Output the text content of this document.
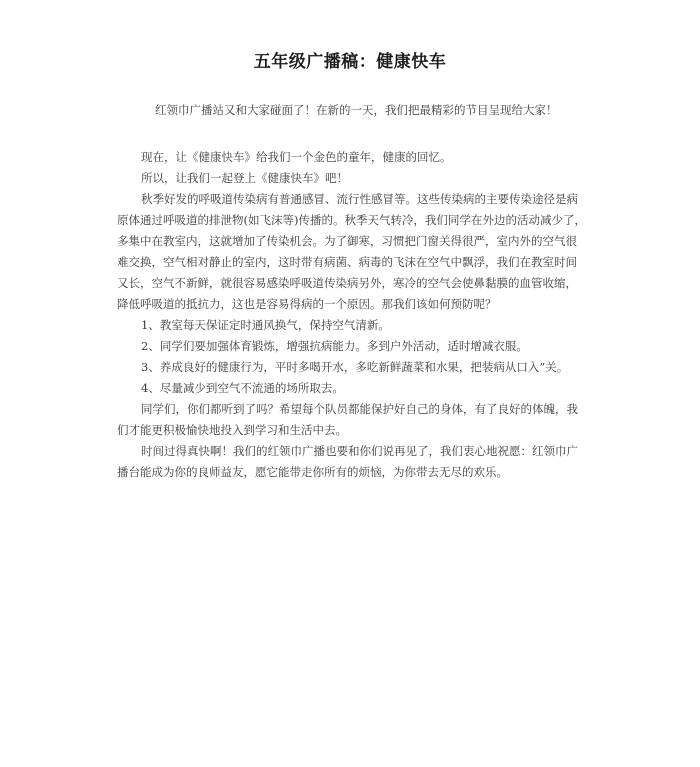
五年级广播稿：健康快车

红领巾广播站又和大家碰面了！在新的一天，我们把最精彩的节目呈现给大家！

现在，让《健康快车》给我们一个金色的童年，健康的回忆。

所以，让我们一起登上《健康快车》吧！

秋季好发的呼吸道传染病有普通感冒、流行性感冒等。这些传染病的主要传染途径是病原体通过呼吸道的排泄物(如飞沫等)传播的。秋季天气转冷，我们同学在外边的活动减少了，多集中在教室内，这就增加了传染机会。为了御寒，习惯把门窗关得很严，室内外的空气很难交换，空气相对静止的室内，这时带有病菌、病毒的飞沫在空气中飘浮，我们在教室时间又长，空气不新鲜，就很容易感染呼吸道传染病另外，寒冷的空气会使鼻黏膜的血管收缩，降低呼吸道的抵抗力，这也是容易得病的一个原因。那我们该如何预防呢？

1、教室每天保证定时通风换气，保持空气清新。

2、同学们要加强体育锻炼，增强抗病能力。多到户外活动，适时增减衣服。

3、养成良好的健康行为，平时多喝开水，多吃新鲜蔬菜和水果，把装病从口入”关。

4、尽量减少到空气不流通的场所取去。

同学们，你们都听到了吗？希望每个队员都能保护好自己的身体，有了良好的体魄，我们才能更积极愉快地投入到学习和生活中去。

时间过得真快啊！我们的红领巾广播也要和你们说再见了，我们衷心地祝愿：红领巾广播台能成为你的良师益友，愿它能带走你所有的烦恼，为你带去无尽的欢乐。
